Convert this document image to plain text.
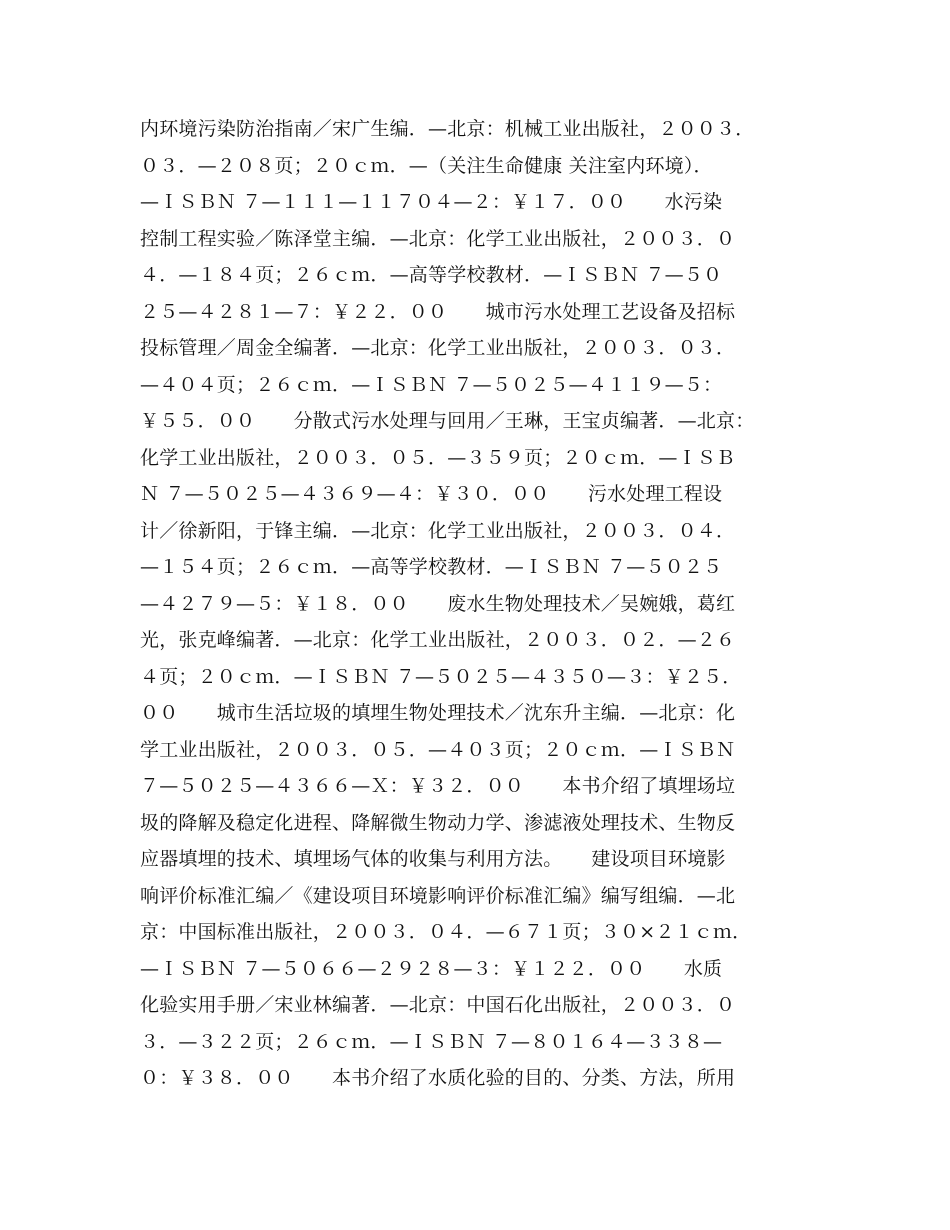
内环境污染防治指南／宋广生编．—北京：机械工业出版社，２００３．
０３．—２０８页；２０ｃｍ．—（关注生命健康 关注室内环境）．
—ＩＳＢＮ ７—１１１—１１７０４—２：￥１７．００　　水污染
控制工程实验／陈泽堂主编．—北京：化学工业出版社，２００３．０
４．—１８４页；２６ｃｍ．—高等学校教材．—ＩＳＢＮ ７—５０
２５—４２８１—７：￥２２．００　　城市污水处理工艺设备及招标
投标管理／周金全编著．—北京：化学工业出版社，２００３．０３．
—４０４页；２６ｃｍ．—ＩＳＢＮ ７—５０２５—４１１９—５：
￥５５．００　　分散式污水处理与回用／王琳，王宝贞编著．—北京：
化学工业出版社，２００３．０５．—３５９页；２０ｃｍ．—ＩＳＢ
Ｎ ７—５０２５—４３６９—４：￥３０．００　　污水处理工程设
计／徐新阳，于锋主编．—北京：化学工业出版社，２００３．０４．
—１５４页；２６ｃｍ．—高等学校教材．—ＩＳＢＮ ７—５０２５
—４２７９—５：￥１８．００　　废水生物处理技术／吴婉娥，葛红
光，张克峰编著．—北京：化学工业出版社，２００３．０２．—２６
４页；２０ｃｍ．—ＩＳＢＮ ７—５０２５—４３５０—３：￥２５．
００　　城市生活垃圾的填埋生物处理技术／沈东升主编．—北京：化
学工业出版社，２００３．０５．—４０３页；２０ｃｍ．—ＩＳＢＮ
７—５０２５—４３６６—Ｘ：￥３２．００　　本书介绍了填埋场垃
圾的降解及稳定化进程、降解微生物动力学、渗滤液处理技术、生物反
应器填埋的技术、填埋场气体的收集与利用方法。　　建设项目环境影
响评价标准汇编／《建设项目环境影响评价标准汇编》编写组编．—北
京：中国标准出版社，２００３．０４．—６７１页；３０×２１ｃｍ．
—ＩＳＢＮ ７—５０６６—２９２８—３：￥１２２．００　　水质
化验实用手册／宋业林编著．—北京：中国石化出版社，２００３．０
３．—３２２页；２６ｃｍ．—ＩＳＢＮ ７—８０１６４—３３８—
０：￥３８．００　　本书介绍了水质化验的目的、分类、方法，所用
